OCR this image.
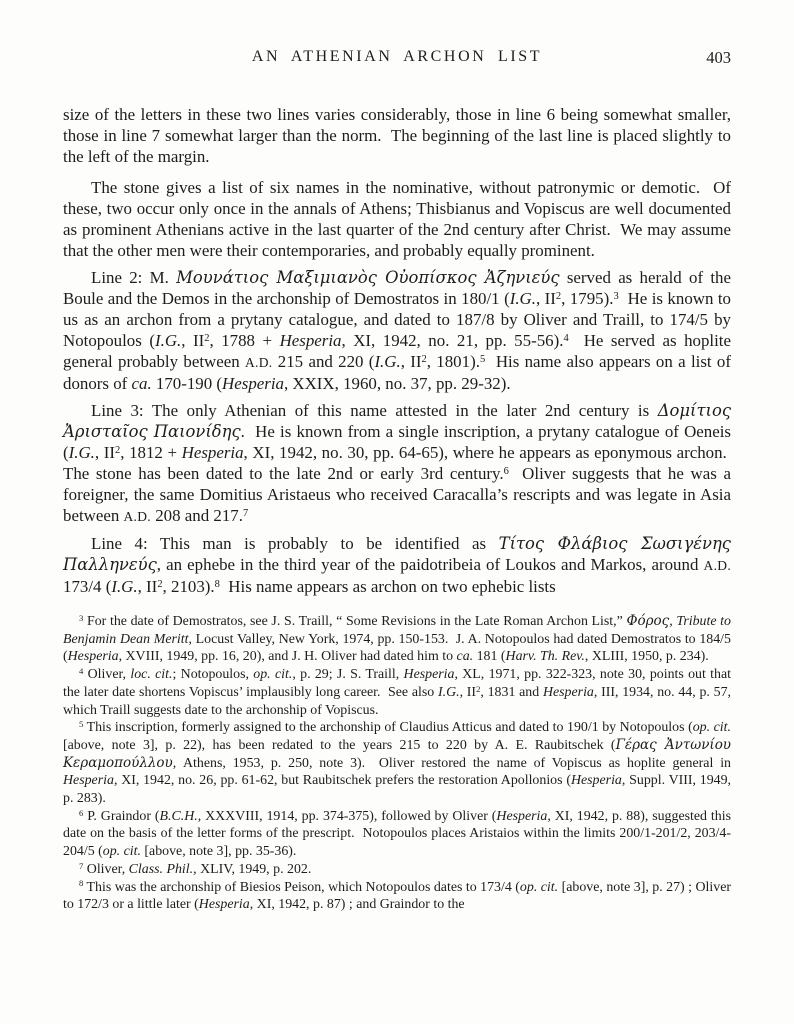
AN ATHENIAN ARCHON LIST	403

size of the letters in these two lines varies considerably, those in line 6 being somewhat smaller, those in line 7 somewhat larger than the norm.  The beginning of the last line is placed slightly to the left of the margin.

The stone gives a list of six names in the nominative, without patronymic or demotic.  Of these, two occur only once in the annals of Athens; Thisbianus and Vopiscus are well documented as prominent Athenians active in the last quarter of the 2nd century after Christ.  We may assume that the other men were their contemporaries, and probably equally prominent.

Line 2: M. Μουνάτιος Μαξιμιανὸς Οὐοπίσκος Ἀζηνιεύς served as herald of the Boule and the Demos in the archonship of Demostratos in 180/1 (I.G., $II^2$, 1795).$^3$  He is known to us as an archon from a prytany catalogue, and dated to 187/8 by Oliver and Traill, to 174/5 by Notopoulos (I.G., $II^2$, 1788 + Hesperia, XI, 1942, no. 21, pp. 55-56).$^4$  He served as hoplite general probably between A.D. 215 and 220 (I.G., $II^2$, 1801).$^5$  His name also appears on a list of donors of ca. 170-190 (Hesperia, XXIX, 1960, no. 37, pp. 29-32).

Line 3: The only Athenian of this name attested in the later 2nd century is Δομίτιος Ἀρισταῖος Παιονίδης.  He is known from a single inscription, a prytany catalogue of Oeneis (I.G., $II^2$, 1812 + Hesperia, XI, 1942, no. 30, pp. 64-65), where he appears as eponymous archon.  The stone has been dated to the late 2nd or early 3rd century.$^6$  Oliver suggests that he was a foreigner, the same Domitius Aristaeus who received Caracalla’s rescripts and was legate in Asia between A.D. 208 and 217.$^7$

Line 4: This man is probably to be identified as Τίτος Φλάβιος Σωσιγένης Παλληνεύς, an ephebe in the third year of the paidotribeia of Loukos and Markos, around A.D. 173/4 (I.G., $II^2$, 2103).$^8$  His name appears as archon on two ephebic lists

$^3$ For the date of Demostratos, see J. S. Traill, “ Some Revisions in the Late Roman Archon List,” Φόρος, Tribute to Benjamin Dean Meritt, Locust Valley, New York, 1974, pp. 150-153.  J. A. Notopoulos had dated Demostratos to 184/5 (Hesperia, XVIII, 1949, pp. 16, 20), and J. H. Oliver had dated him to ca. 181 (Harv. Th. Rev., XLIII, 1950, p. 234).

$^4$ Oliver, loc. cit.; Notopoulos, op. cit., p. 29; J. S. Traill, Hesperia, XL, 1971, pp. 322-323, note 30, points out that the later date shortens Vopiscus’ implausibly long career.  See also I.G., $II^2$, 1831 and Hesperia, III, 1934, no. 44, p. 57, which Traill suggests date to the archonship of Vopiscus.

$^5$ This inscription, formerly assigned to the archonship of Claudius Atticus and dated to 190/1 by Notopoulos (op. cit. [above, note 3], p. 22), has been redated to the years 215 to 220 by A. E. Raubitschek (Γέρας Ἀντωνίου Κεραμοπούλλου, Athens, 1953, p. 250, note 3).  Oliver restored the name of Vopiscus as hoplite general in Hesperia, XI, 1942, no. 26, pp. 61-62, but Raubitschek prefers the restoration Apollonios (Hesperia, Suppl. VIII, 1949, p. 283).

$^6$ P. Graindor (B.C.H., XXXVIII, 1914, pp. 374-375), followed by Oliver (Hesperia, XI, 1942, p. 88), suggested this date on the basis of the letter forms of the prescript.  Notopoulos places Aristaios within the limits 200/1-201/2, 203/4-204/5 (op. cit. [above, note 3], pp. 35-36).

$^7$ Oliver, Class. Phil., XLIV, 1949, p. 202.

$^8$ This was the archonship of Biesios Peison, which Notopoulos dates to 173/4 (op. cit. [above, note 3], p. 27) ; Oliver to 172/3 or a little later (Hesperia, XI, 1942, p. 87) ; and Graindor to the
